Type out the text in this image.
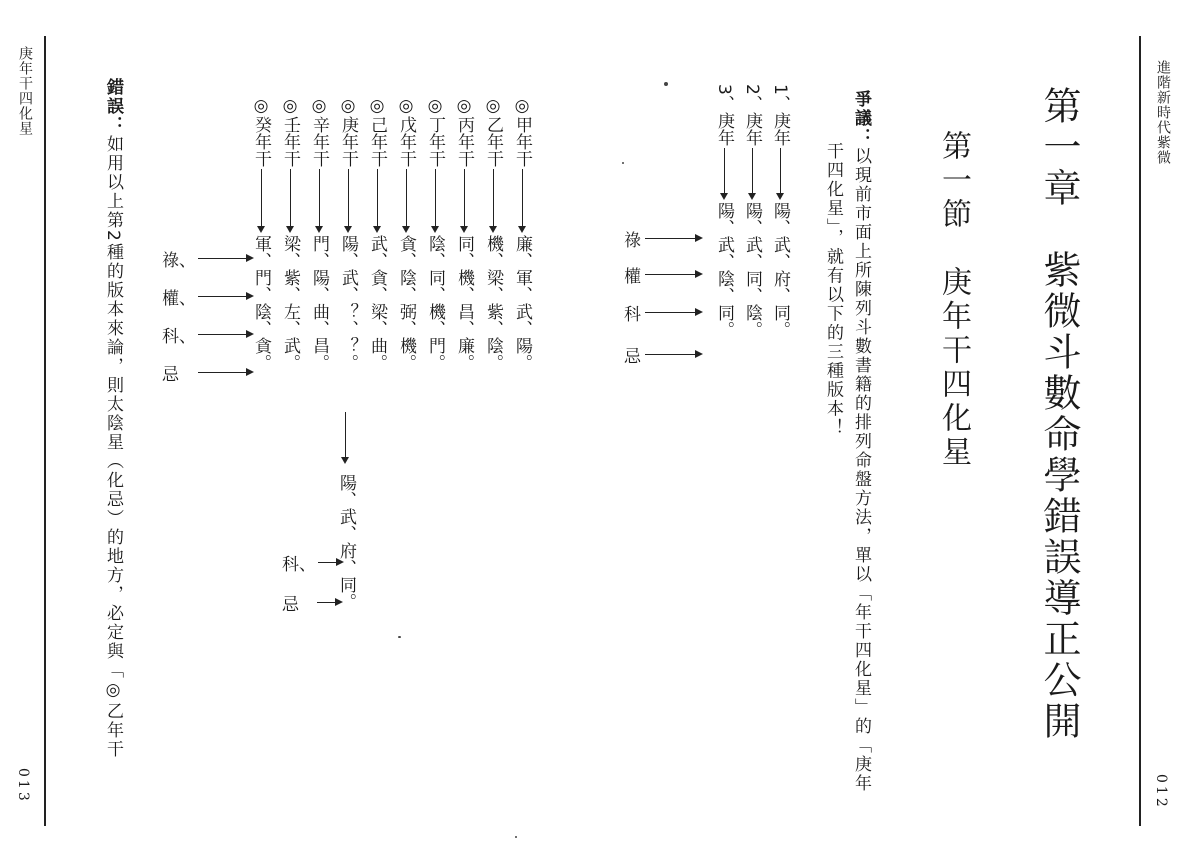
進階新時代紫微
012
第一章　紫微斗數命學錯誤導正公開
第一節　庚年干四化星
爭議：以現前市面上所陳列斗數書籍的排列命盤方法，單以「年干四化星」的「庚年
干四化星」，就有以下的三種版本！
1、庚年
陽、武、府、同。
2、庚年
陽、武、同、陰。
3、庚年
陽、武、陰、同。
祿
權
科
忌
庚年干四化星
013
◎甲年干
廉、軍、武、陽。
◎乙年干
機、梁、紫、陰。
◎丙年干
同、機、昌、廉。
◎丁年干
陰、同、機、門。
◎戊年干
貪、陰、弼、機。
◎己年干
武、貪、梁、曲。
◎庚年干
陽、武、？、？。
◎辛年干
門、陽、曲、昌。
◎壬年干
梁、紫、左、武。
◎癸年干
軍、門、陰、貪。
陽、武、府、同。
科、
忌
祿、
權、
科、
忌
錯誤：如用以上第2種的版本來論，則太陰星（化忌）的地方，必定與「◎乙年干
